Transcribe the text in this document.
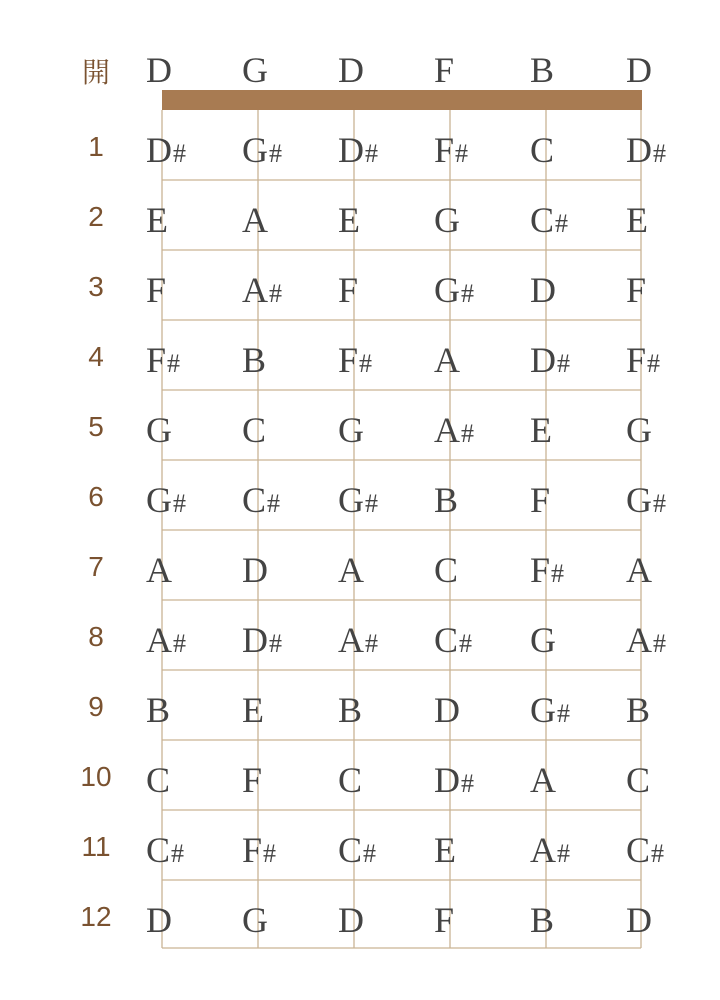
開
1
2
3
4
5
6
7
8
9
10
11
12
D G D F B D
D# G# D# F# C D#
E A E G C# E
F A# F G# D F
F# B F# A D# F#
G C G A# E G
G# C# G# B F G#
A D A C F# A
A# D# A# C# G A#
B E B D G# B
C F C D# A C
C# F# C# E A# C#
D G D F B D
